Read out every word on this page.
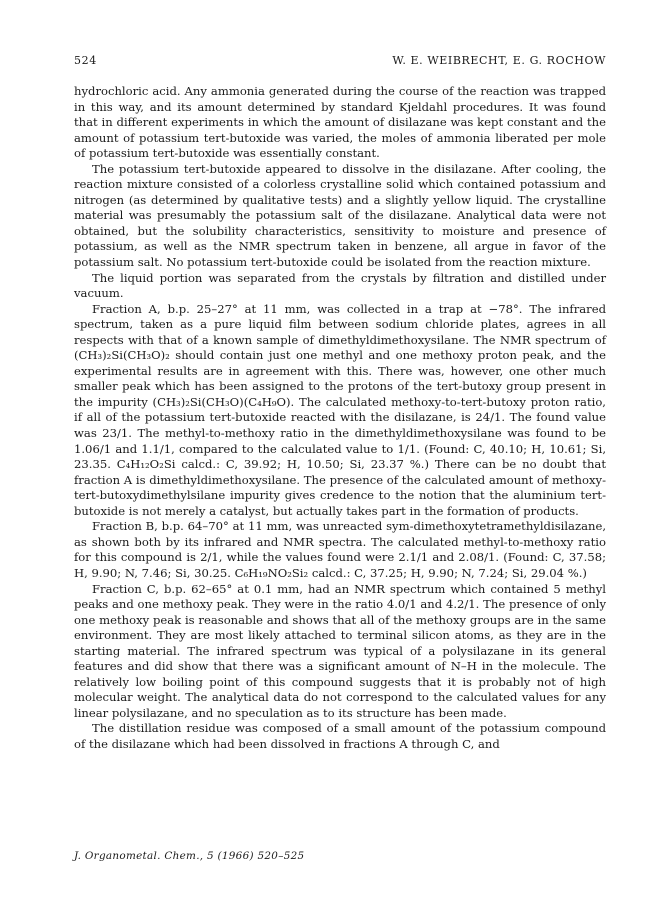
524	W. E. WEIBRECHT, E. G. ROCHOW

hydrochloric acid. Any ammonia generated during the course of the reaction was trapped in this way, and its amount determined by standard Kjeldahl procedures. It was found that in different experiments in which the amount of disilazane was kept constant and the amount of potassium tert-butoxide was varied, the moles of ammonia liberated per mole of potassium tert-butoxide was essentially constant.

The potassium tert-butoxide appeared to dissolve in the disilazane. After cooling, the reaction mixture consisted of a colorless crystalline solid which contained potassium and nitrogen (as determined by qualitative tests) and a slightly yellow liquid. The crystalline material was presumably the potassium salt of the disilazane. Analytical data were not obtained, but the solubility characteristics, sensitivity to moisture and presence of potassium, as well as the NMR spectrum taken in benzene, all argue in favor of the potassium salt. No potassium tert-butoxide could be isolated from the reaction mixture.

The liquid portion was separated from the crystals by filtration and distilled under vacuum.

Fraction A, b.p. 25–27° at 11 mm, was collected in a trap at −78°. The infrared spectrum, taken as a pure liquid film between sodium chloride plates, agrees in all respects with that of a known sample of dimethyldimethoxysilane. The NMR spectrum of (CH₃)₂Si(CH₃O)₂ should contain just one methyl and one methoxy proton peak, and the experimental results are in agreement with this. There was, however, one other much smaller peak which has been assigned to the protons of the tert-butoxy group present in the impurity (CH₃)₂Si(CH₃O)(C₄H₉O). The calculated methoxy-to-tert-butoxy proton ratio, if all of the potassium tert-butoxide reacted with the disilazane, is 24/1. The found value was 23/1. The methyl-to-methoxy ratio in the dimethyldimethoxysilane was found to be 1.06/1 and 1.1/1, compared to the calculated value to 1/1. (Found: C, 40.10; H, 10.61; Si, 23.35. C₄H₁₂O₂Si calcd.: C, 39.92; H, 10.50; Si, 23.37 %.) There can be no doubt that fraction A is dimethyldimethoxysilane. The presence of the calculated amount of methoxy-tert-butoxydimethylsilane impurity gives credence to the notion that the aluminium tert-butoxide is not merely a catalyst, but actually takes part in the formation of products.

Fraction B, b.p. 64–70° at 11 mm, was unreacted sym-dimethoxytetramethyldisilazane, as shown both by its infrared and NMR spectra. The calculated methyl-to-methoxy ratio for this compound is 2/1, while the values found were 2.1/1 and 2.08/1. (Found: C, 37.58; H, 9.90; N, 7.46; Si, 30.25. C₆H₁₉NO₂Si₂ calcd.: C, 37.25; H, 9.90; N, 7.24; Si, 29.04 %.)

Fraction C, b.p. 62–65° at 0.1 mm, had an NMR spectrum which contained 5 methyl peaks and one methoxy peak. They were in the ratio 4.0/1 and 4.2/1. The presence of only one methoxy peak is reasonable and shows that all of the methoxy groups are in the same environment. They are most likely attached to terminal silicon atoms, as they are in the starting material. The infrared spectrum was typical of a polysilazane in its general features and did show that there was a significant amount of N–H in the molecule. The relatively low boiling point of this compound suggests that it is probably not of high molecular weight. The analytical data do not correspond to the calculated values for any linear polysilazane, and no speculation as to its structure has been made.

The distillation residue was composed of a small amount of the potassium compound of the disilazane which had been dissolved in fractions A through C, and

J. Organometal. Chem., 5 (1966) 520–525
